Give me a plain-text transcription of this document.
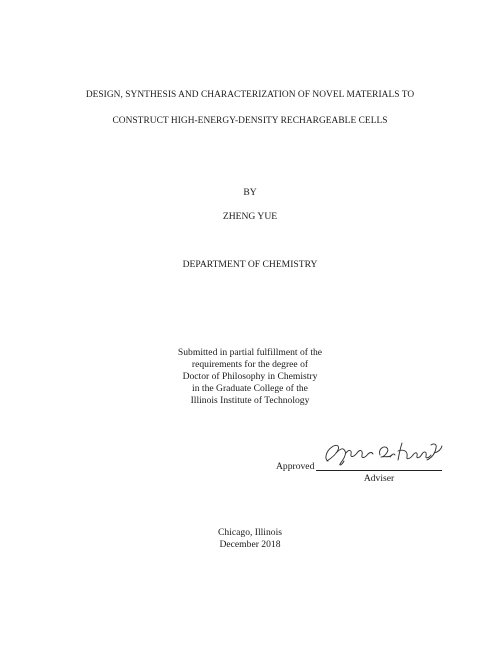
DESIGN, SYNTHESIS AND CHARACTERIZATION OF NOVEL MATERIALS TO
CONSTRUCT HIGH-ENERGY-DENSITY RECHARGEABLE CELLS
BY
ZHENG YUE
DEPARTMENT OF CHEMISTRY
Submitted in partial fulfillment of the
requirements for the degree of
Doctor of Philosophy in Chemistry
in the Graduate College of the
Illinois Institute of Technology
Approved
Adviser
Chicago, Illinois
December 2018
